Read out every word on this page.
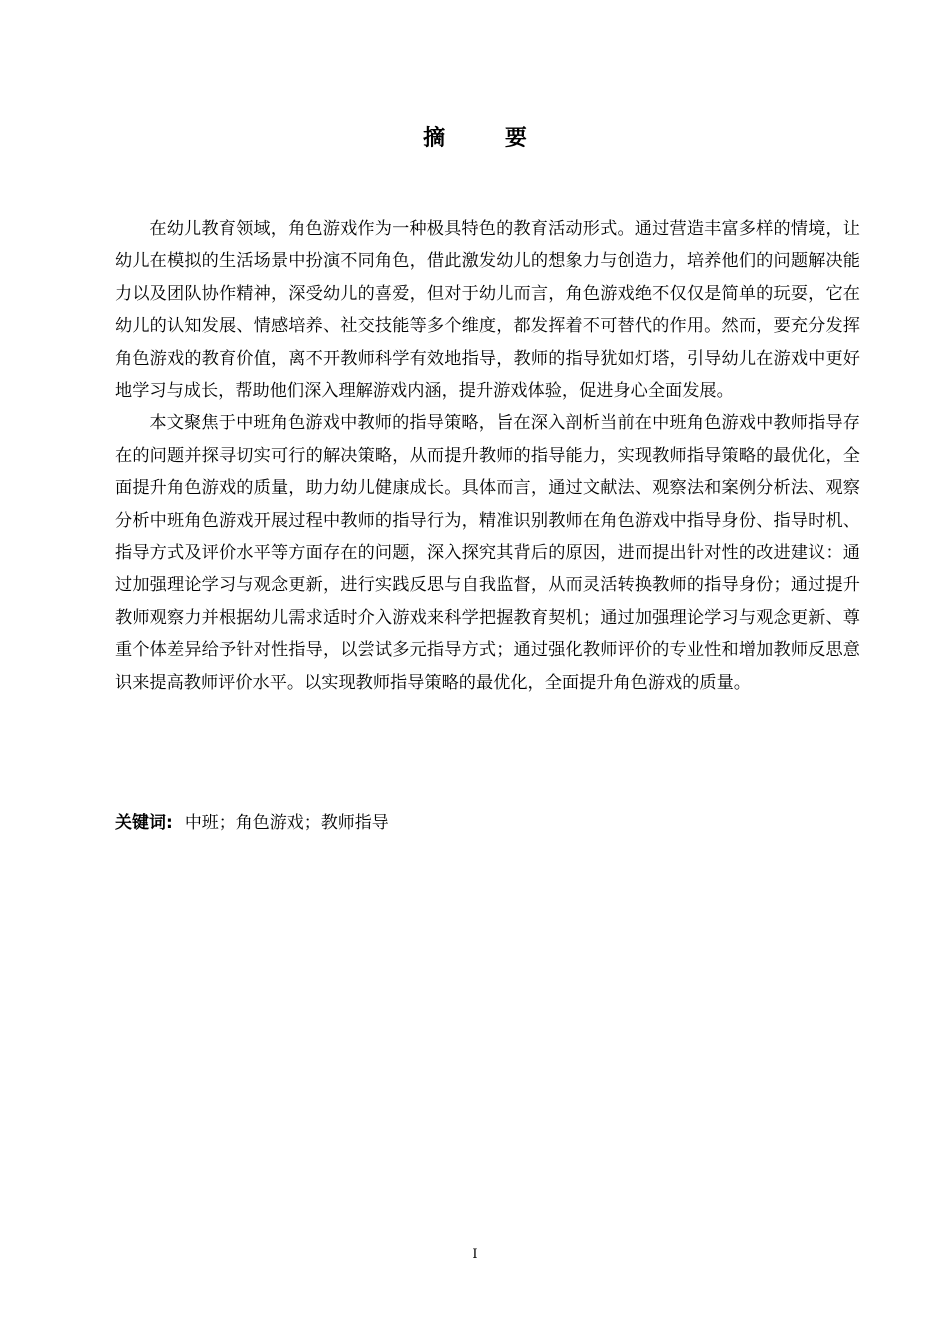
摘 要

在幼儿教育领域，角色游戏作为一种极具特色的教育活动形式。通过营造丰富多样的情境，让幼儿在模拟的生活场景中扮演不同角色，借此激发幼儿的想象力与创造力，培养他们的问题解决能力以及团队协作精神，深受幼儿的喜爱，但对于幼儿而言，角色游戏绝不仅仅是简单的玩耍，它在幼儿的认知发展、情感培养、社交技能等多个维度，都发挥着不可替代的作用。然而，要充分发挥角色游戏的教育价值，离不开教师科学有效地指导，教师的指导犹如灯塔，引导幼儿在游戏中更好地学习与成长，帮助他们深入理解游戏内涵，提升游戏体验，促进身心全面发展。

本文聚焦于中班角色游戏中教师的指导策略，旨在深入剖析当前在中班角色游戏中教师指导存在的问题并探寻切实可行的解决策略，从而提升教师的指导能力，实现教师指导策略的最优化，全面提升角色游戏的质量，助力幼儿健康成长。具体而言，通过文献法、观察法和案例分析法、观察分析中班角色游戏开展过程中教师的指导行为，精准识别教师在角色游戏中指导身份、指导时机、指导方式及评价水平等方面存在的问题，深入探究其背后的原因，进而提出针对性的改进建议：通过加强理论学习与观念更新，进行实践反思与自我监督，从而灵活转换教师的指导身份；通过提升教师观察力并根据幼儿需求适时介入游戏来科学把握教育契机；通过加强理论学习与观念更新、尊重个体差异给予针对性指导，以尝试多元指导方式；通过强化教师评价的专业性和增加教师反思意识来提高教师评价水平。以实现教师指导策略的最优化，全面提升角色游戏的质量。

关键词: 中班；角色游戏；教师指导
I
